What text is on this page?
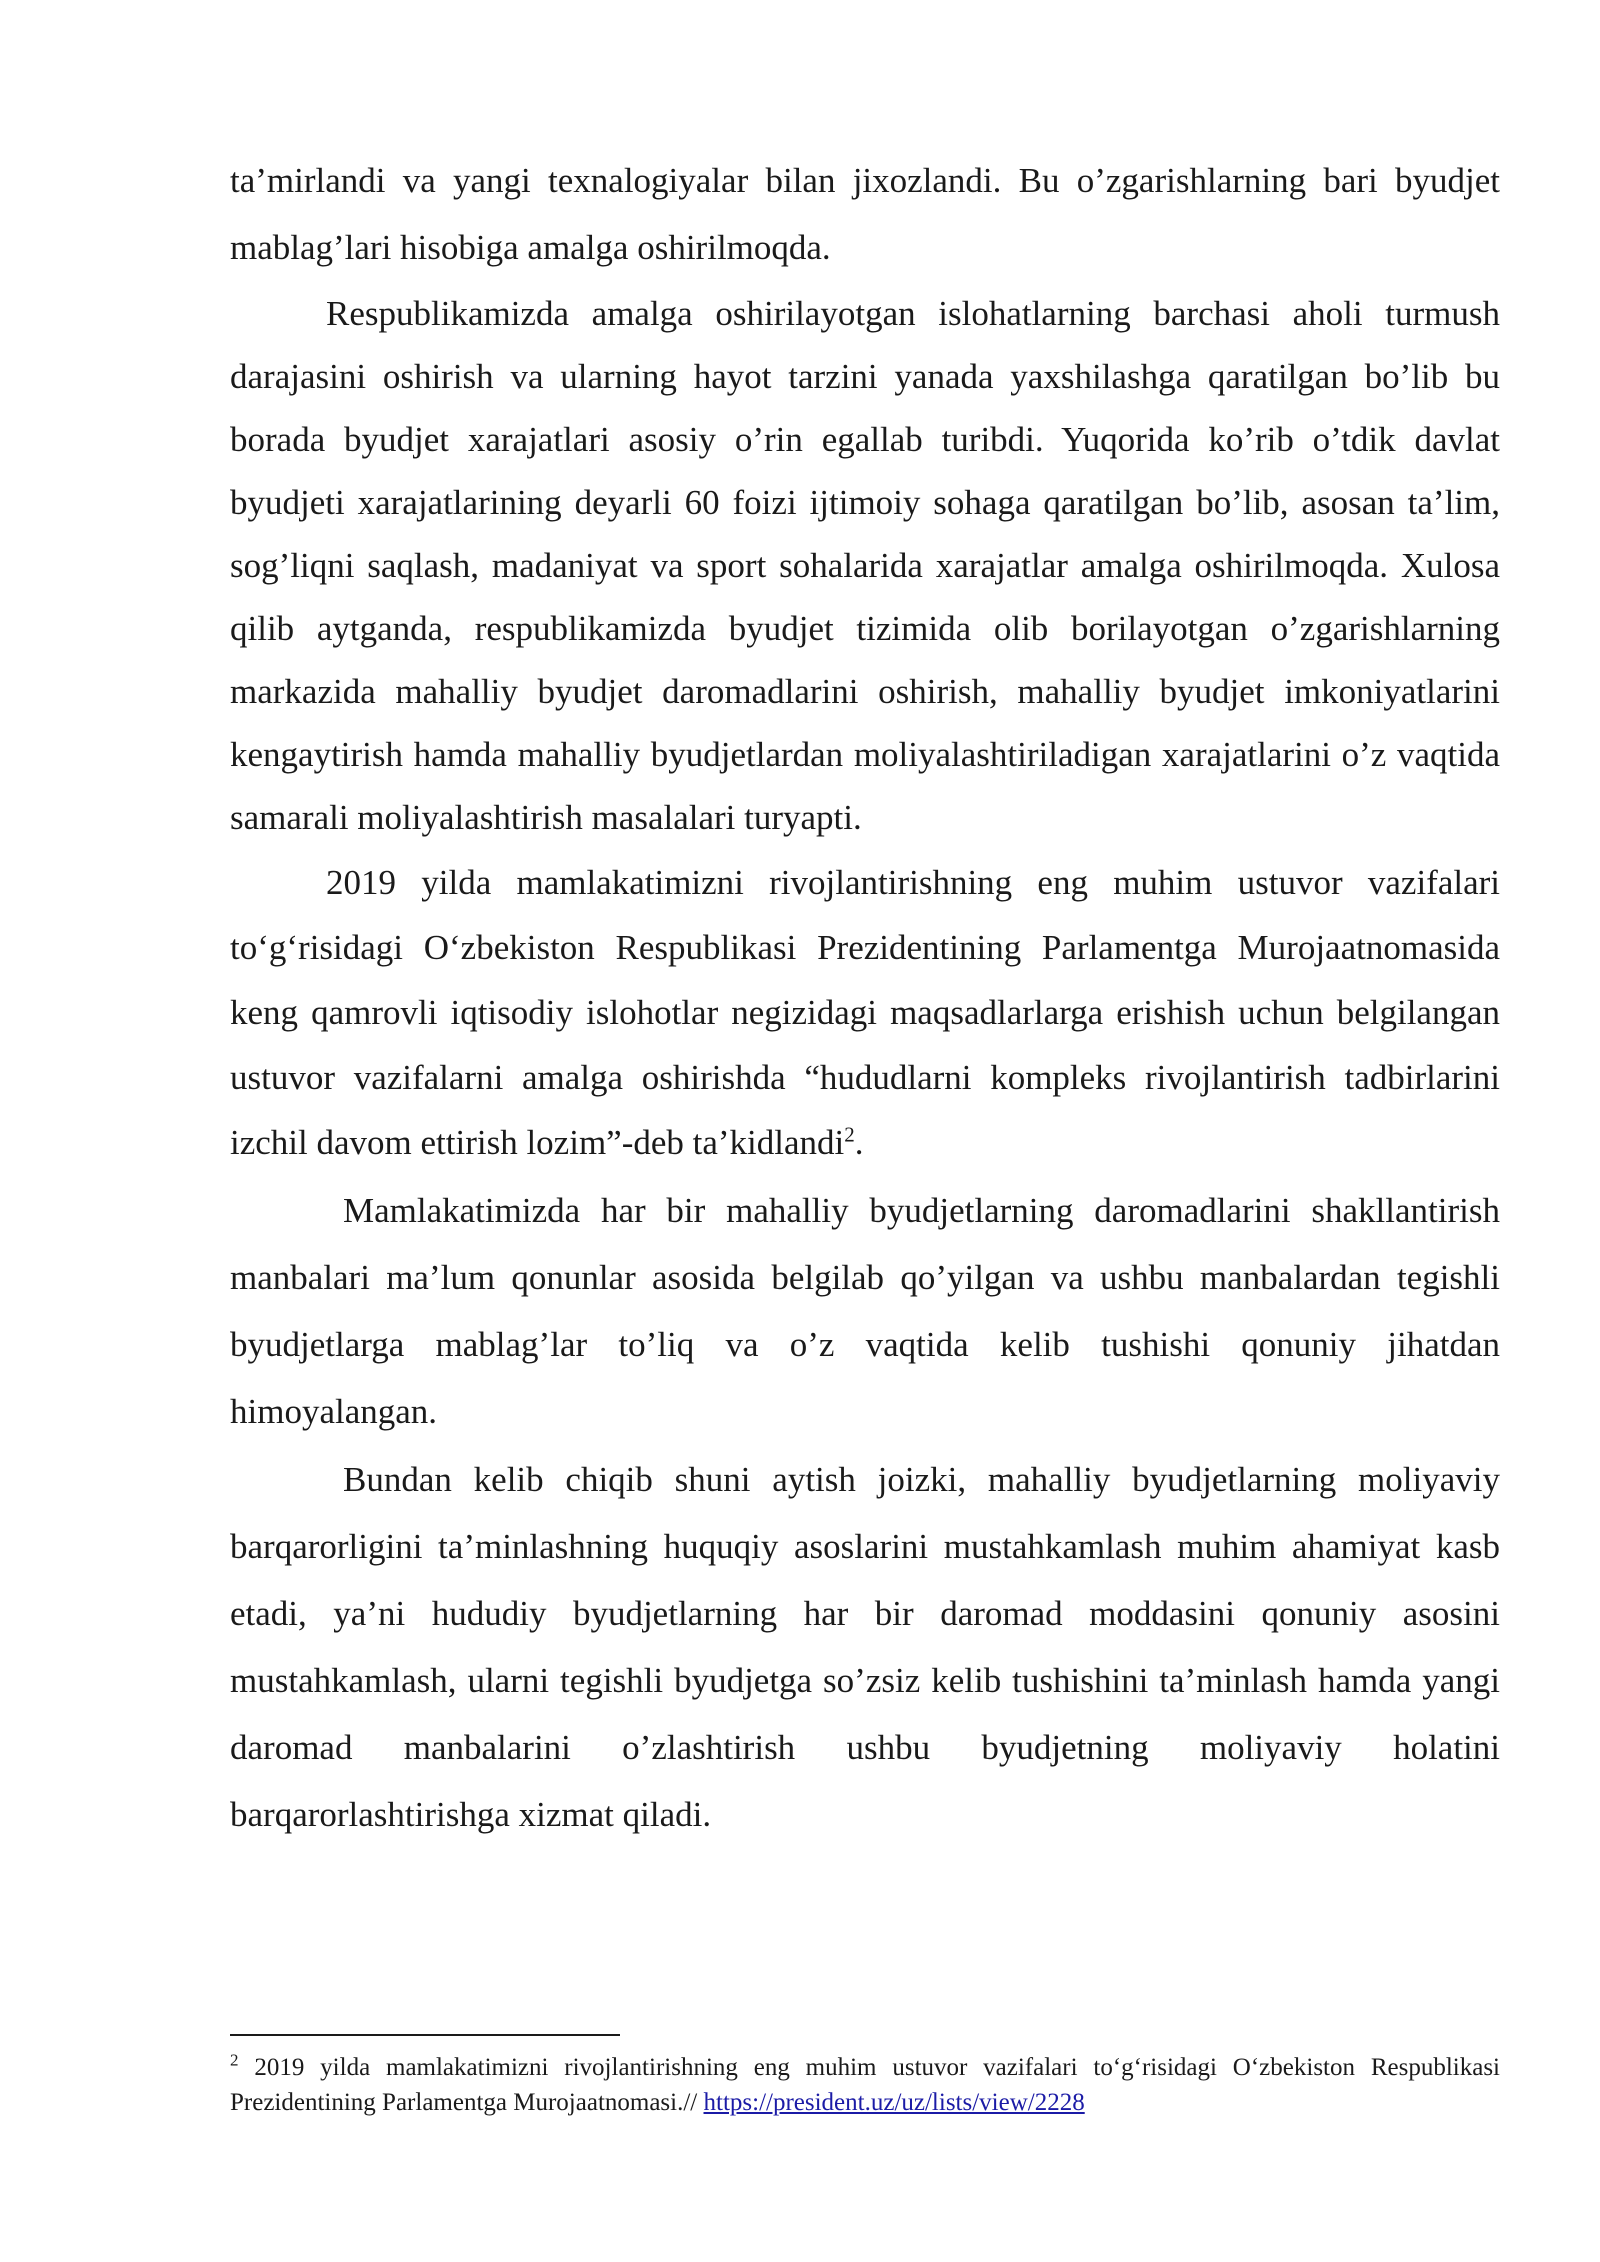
ta’mirlandi va yangi texnalogiyalar bilan jixozlandi. Bu o’zgarishlarning bari byudjet mablag’lari hisobiga amalga oshirilmoqda.

Respublikamizda amalga oshirilayotgan islohatlarning barchasi aholi turmush darajasini oshirish va ularning hayot tarzini yanada yaxshilashga qaratilgan bo’lib bu borada byudjet xarajatlari asosiy o’rin egallab turibdi. Yuqorida ko’rib o’tdik davlat byudjeti xarajatlarining deyarli 60 foizi ijtimoiy sohaga qaratilgan bo’lib, asosan ta’lim, sog’liqni saqlash, madaniyat va sport sohalarida xarajatlar amalga oshirilmoqda. Xulosa qilib aytganda, respublikamizda byudjet tizimida olib borilayotgan o’zgarishlarning markazida mahalliy byudjet daromadlarini oshirish, mahalliy byudjet imkoniyatlarini kengaytirish hamda mahalliy byudjetlardan moliyalashtiriladigan xarajatlarini o’z vaqtida samarali moliyalashtirish masalalari turyapti.

2019 yilda mamlakatimizni rivojlantirishning eng muhim ustuvor vazifalari to‘g‘risidagi O‘zbekiston Respublikasi Prezidentining Parlamentga Murojaatnomasida keng qamrovli iqtisodiy islohotlar negizidagi maqsadlarlarga erishish uchun belgilangan ustuvor vazifalarni amalga oshirishda “hududlarni kompleks rivojlantirish tadbirlarini izchil davom ettirish lozim”-deb ta’kidlandi$^2$.

Mamlakatimizda har bir mahalliy byudjetlarning daromadlarini shakllantirish manbalari ma’lum qonunlar asosida belgilab qo’yilgan va ushbu manbalardan tegishli byudjetlarga mablag’lar to’liq va o’z vaqtida kelib tushishi qonuniy jihatdan himoyalangan.

Bundan kelib chiqib shuni aytish joizki, mahalliy byudjetlarning moliyaviy barqarorligini ta’minlashning huquqiy asoslarini mustahkamlash muhim ahamiyat kasb etadi, ya’ni hududiy byudjetlarning har bir daromad moddasini qonuniy asosini mustahkamlash, ularni tegishli byudjetga so’zsiz kelib tushishini ta’minlash hamda yangi daromad manbalarini o’zlashtirish ushbu byudjetning moliyaviy holatini barqarorlashtirishga xizmat qiladi.

$^2$ 2019 yilda mamlakatimizni rivojlantirishning eng muhim ustuvor vazifalari to‘g‘risidagi O‘zbekiston Respublikasi Prezidentining Parlamentga Murojaatnomasi.// https://president.uz/uz/lists/view/2228
